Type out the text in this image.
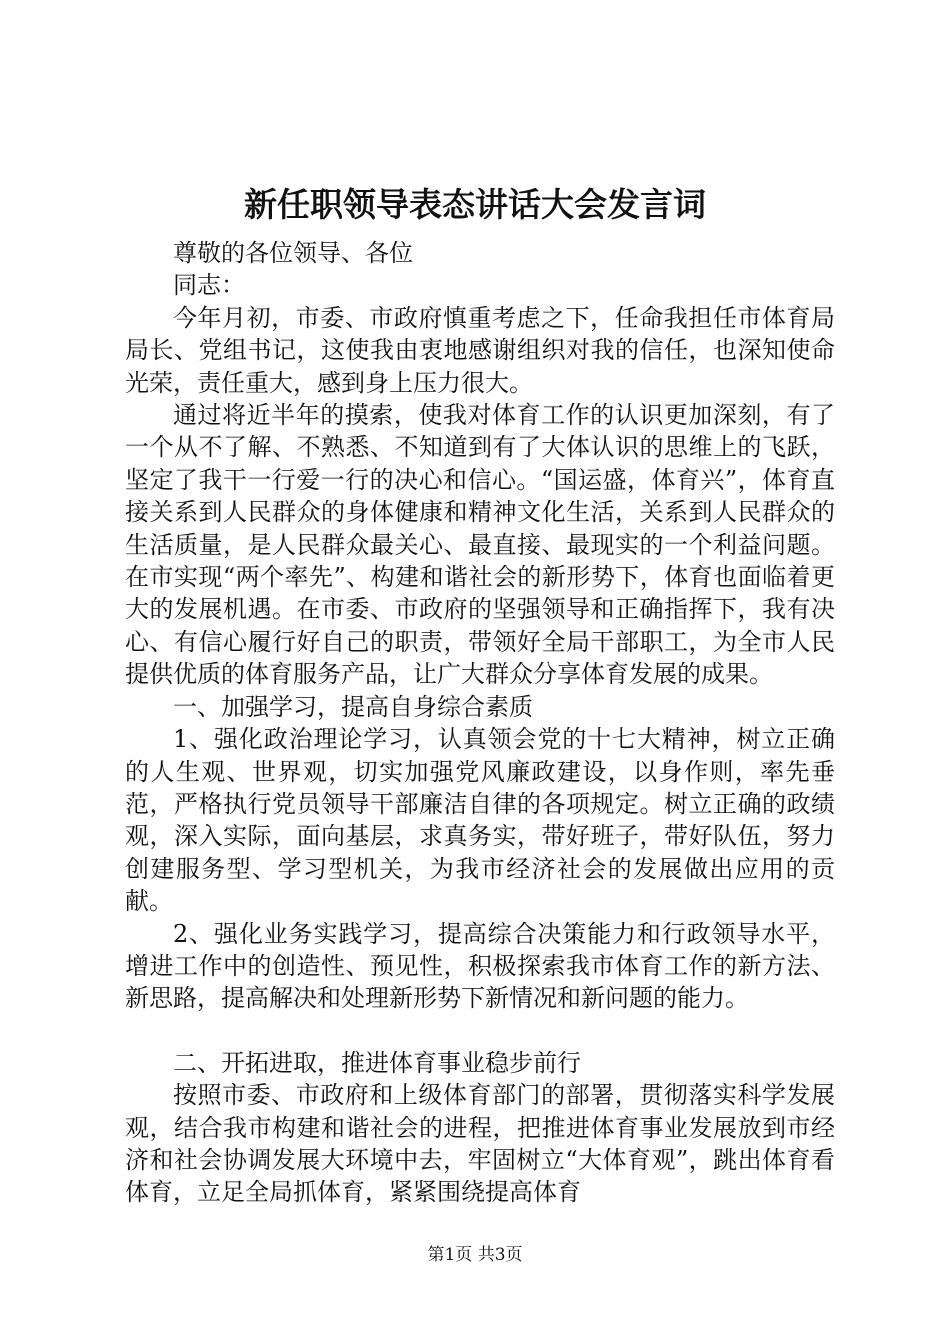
新任职领导表态讲话大会发言词

尊敬的各位领导、各位

同志：

今年月初，市委、市政府慎重考虑之下，任命我担任市体育局局长、党组书记，这使我由衷地感谢组织对我的信任，也深知使命光荣，责任重大，感到身上压力很大。

通过将近半年的摸索，使我对体育工作的认识更加深刻，有了一个从不了解、不熟悉、不知道到有了大体认识的思维上的飞跃，坚定了我干一行爱一行的决心和信心。“国运盛，体育兴”，体育直接关系到人民群众的身体健康和精神文化生活，关系到人民群众的生活质量，是人民群众最关心、最直接、最现实的一个利益问题。在市实现“两个率先”、构建和谐社会的新形势下，体育也面临着更大的发展机遇。在市委、市政府的坚强领导和正确指挥下，我有决心、有信心履行好自己的职责，带领好全局干部职工，为全市人民提供优质的体育服务产品，让广大群众分享体育发展的成果。

一、加强学习，提高自身综合素质

1、强化政治理论学习，认真领会党的十七大精神，树立正确的人生观、世界观，切实加强党风廉政建设，以身作则，率先垂范，严格执行党员领导干部廉洁自律的各项规定。树立正确的政绩观，深入实际，面向基层，求真务实，带好班子，带好队伍，努力创建服务型、学习型机关，为我市经济社会的发展做出应用的贡献。

2、强化业务实践学习，提高综合决策能力和行政领导水平，增进工作中的创造性、预见性，积极探索我市体育工作的新方法、新思路，提高解决和处理新形势下新情况和新问题的能力。

二、开拓进取，推进体育事业稳步前行

按照市委、市政府和上级体育部门的部署，贯彻落实科学发展观，结合我市构建和谐社会的进程，把推进体育事业发展放到市经济和社会协调发展大环境中去，牢固树立“大体育观”，跳出体育看体育，立足全局抓体育，紧紧围绕提高体育

第1页 共3页
